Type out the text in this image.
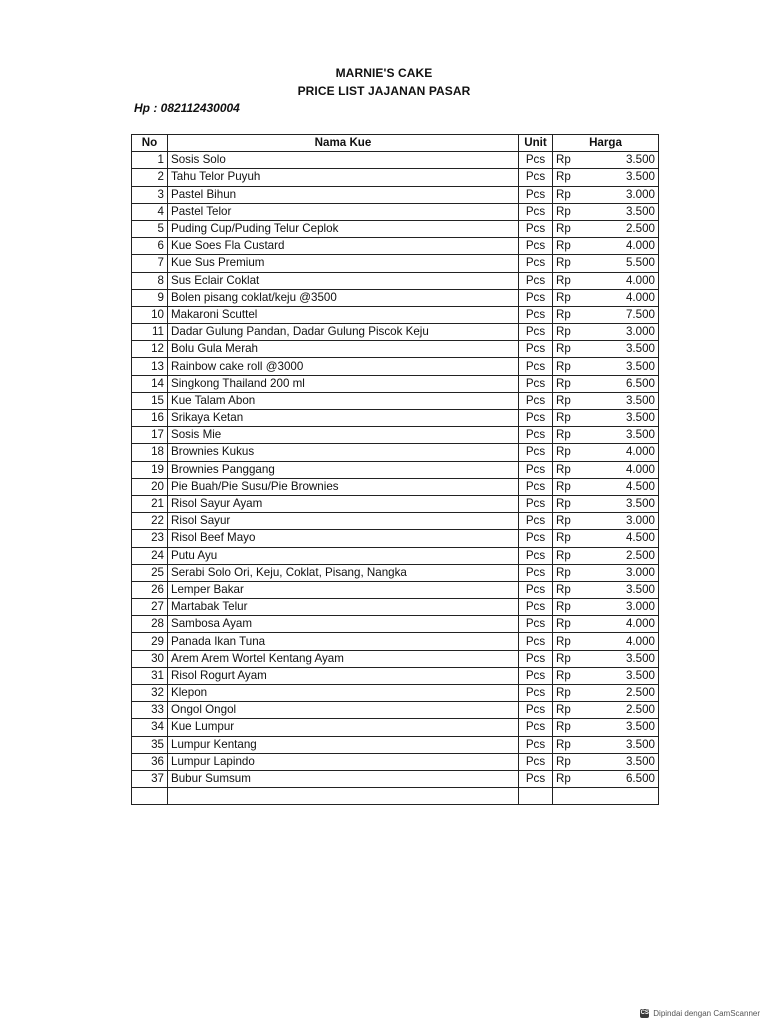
MARNIE'S CAKE
PRICE LIST JAJANAN PASAR
Hp : 082112430004
No	Nama Kue	Unit	Harga	
1	Sosis Solo	Pcs	Rp	3.500
2	Tahu Telor Puyuh	Pcs	Rp	3.500
3	Pastel Bihun	Pcs	Rp	3.000
4	Pastel Telor	Pcs	Rp	3.500
5	Puding Cup/Puding Telur Ceplok	Pcs	Rp	2.500
6	Kue Soes Fla Custard	Pcs	Rp	4.000
7	Kue Sus Premium	Pcs	Rp	5.500
8	Sus Eclair Coklat	Pcs	Rp	4.000
9	Bolen pisang coklat/keju @3500	Pcs	Rp	4.000
10	Makaroni Scuttel	Pcs	Rp	7.500
11	Dadar Gulung Pandan, Dadar Gulung Piscok Keju	Pcs	Rp	3.000
12	Bolu Gula Merah	Pcs	Rp	3.500
13	Rainbow cake roll @3000	Pcs	Rp	3.500
14	Singkong Thailand 200 ml	Pcs	Rp	6.500
15	Kue Talam Abon	Pcs	Rp	3.500
16	Srikaya Ketan	Pcs	Rp	3.500
17	Sosis Mie	Pcs	Rp	3.500
18	Brownies Kukus	Pcs	Rp	4.000
19	Brownies Panggang	Pcs	Rp	4.000
20	Pie Buah/Pie Susu/Pie Brownies	Pcs	Rp	4.500
21	Risol Sayur Ayam	Pcs	Rp	3.500
22	Risol Sayur	Pcs	Rp	3.000
23	Risol Beef Mayo	Pcs	Rp	4.500
24	Putu Ayu	Pcs	Rp	2.500
25	Serabi Solo Ori, Keju, Coklat, Pisang, Nangka	Pcs	Rp	3.000
26	Lemper Bakar	Pcs	Rp	3.500
27	Martabak Telur	Pcs	Rp	3.000
28	Sambosa Ayam	Pcs	Rp	4.000
29	Panada Ikan Tuna	Pcs	Rp	4.000
30	Arem Arem Wortel Kentang Ayam	Pcs	Rp	3.500
31	Risol Rogurt Ayam	Pcs	Rp	3.500
32	Klepon	Pcs	Rp	2.500
33	Ongol Ongol	Pcs	Rp	2.500
34	Kue Lumpur	Pcs	Rp	3.500
35	Lumpur Kentang	Pcs	Rp	3.500
36	Lumpur Lapindo	Pcs	Rp	3.500
37	Bubur Sumsum	Pcs	Rp	6.500

CS Dipindai dengan CamScanner
